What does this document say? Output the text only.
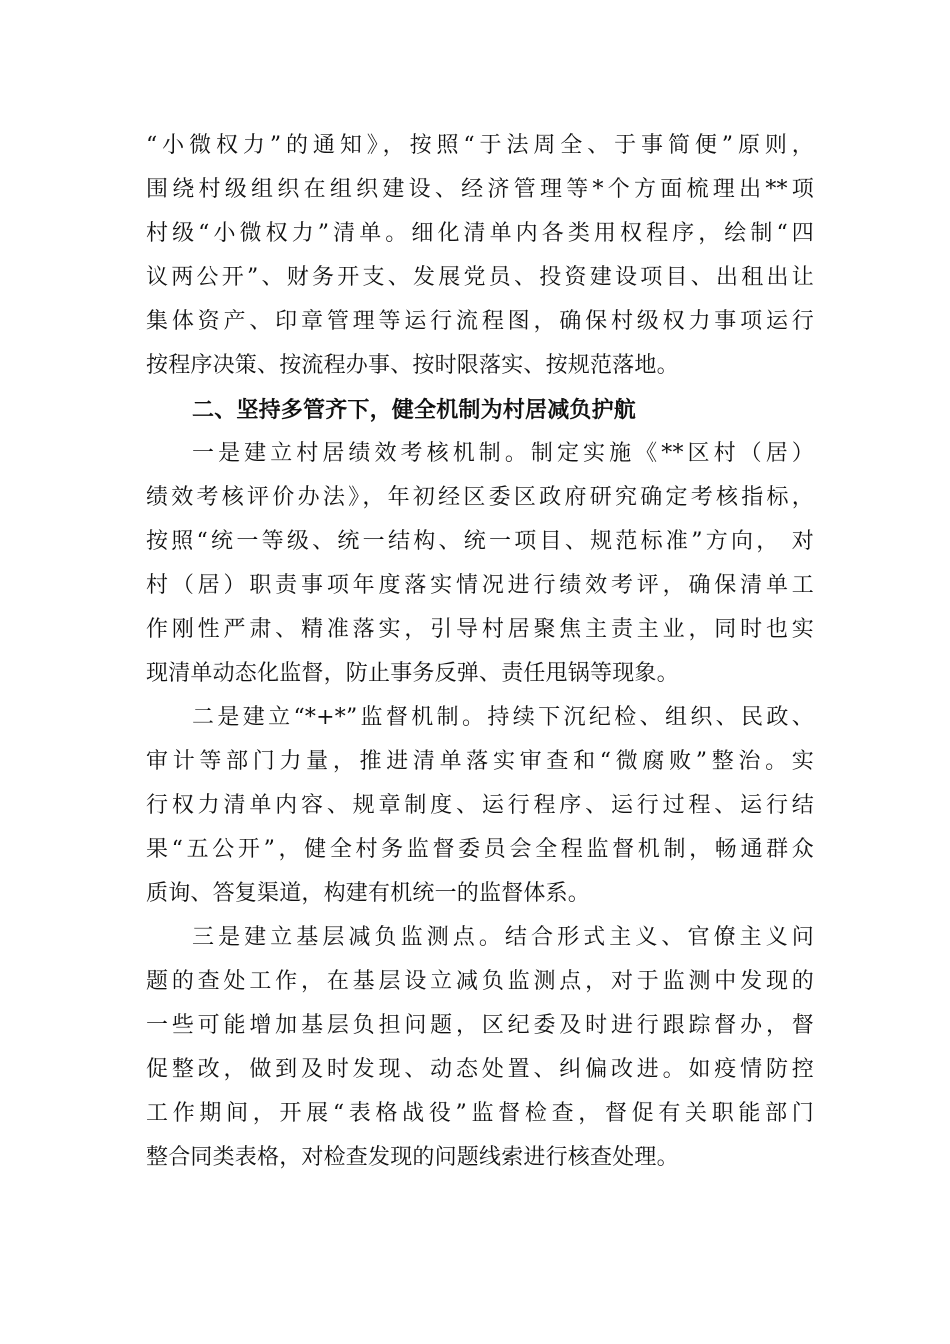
“小微权力”的通知》，按照“于法周全、于事简便”原则，
围绕村级组织在组织建设、经济管理等*个方面梳理出**项
村级“小微权力”清单。细化清单内各类用权程序，绘制“四
议两公开”、财务开支、发展党员、投资建设项目、出租出让
集体资产、印章管理等运行流程图，确保村级权力事项运行
按程序决策、按流程办事、按时限落实、按规范落地。
二、坚持多管齐下，健全机制为村居减负护航
一是建立村居绩效考核机制。制定实施《**区村（居）
绩效考核评价办法》，年初经区委区政府研究确定考核指标，
按照“统一等级、统一结构、统一项目、规范标准”方向， 对
村（居）职责事项年度落实情况进行绩效考评，确保清单工
作刚性严肃、精准落实，引导村居聚焦主责主业，同时也实
现清单动态化监督，防止事务反弹、责任甩锅等现象。
二是建立“*+*”监督机制。持续下沉纪检、组织、民政、
审计等部门力量，推进清单落实审查和“微腐败”整治。实
行权力清单内容、规章制度、运行程序、运行过程、运行结
果“五公开”，健全村务监督委员会全程监督机制，畅通群众
质询、答复渠道，构建有机统一的监督体系。
三是建立基层减负监测点。结合形式主义、官僚主义问
题的查处工作，在基层设立减负监测点，对于监测中发现的
一些可能增加基层负担问题，区纪委及时进行跟踪督办，督
促整改，做到及时发现、动态处置、纠偏改进。如疫情防控
工作期间，开展“表格战役”监督检查，督促有关职能部门
整合同类表格，对检查发现的问题线索进行核查处理。
